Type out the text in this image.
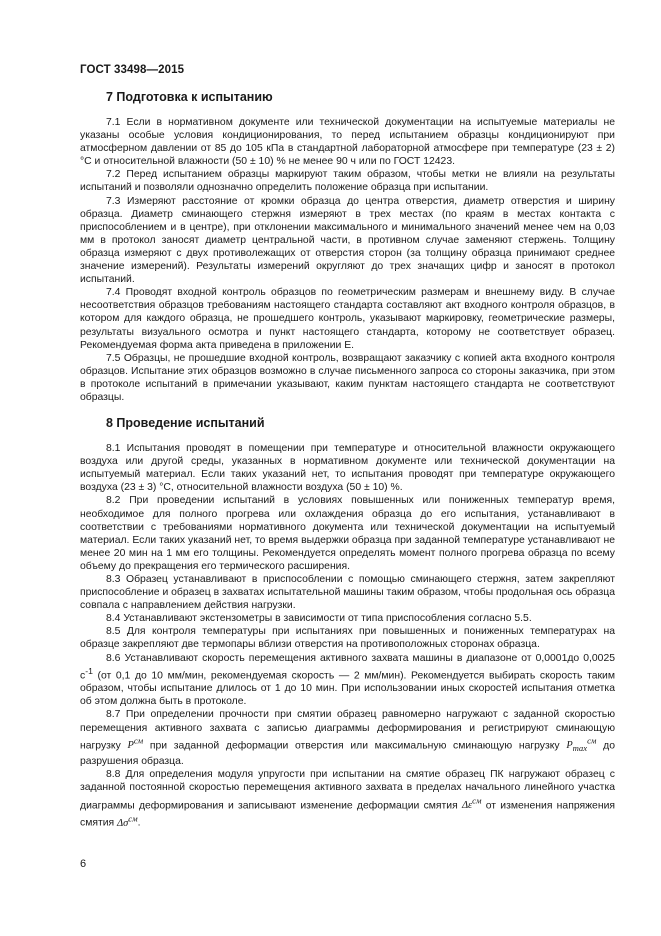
ГОСТ 33498—2015
7 Подготовка к испытанию

7.1 Если в нормативном документе или технической документации на испытуемые материалы не указаны особые условия кондиционирования, то перед испытанием образцы кондиционируют при атмосферном давлении от 85 до 105 кПа в стандартной лабораторной атмосфере при температуре (23 ± 2) °С и относительной влажности (50 ± 10) % не менее 90 ч или по ГОСТ 12423.

7.2 Перед испытанием образцы маркируют таким образом, чтобы метки не влияли на результаты испытаний и позволяли однозначно определить положение образца при испытании.

7.3 Измеряют расстояние от кромки образца до центра отверстия, диаметр отверстия и ширину образца. Диаметр сминающего стержня измеряют в трех местах (по краям в местах контакта с приспособлением и в центре), при отклонении максимального и минимального значений менее чем на 0,03 мм в протокол заносят диаметр центральной части, в противном случае заменяют стержень. Толщину образца измеряют с двух противолежащих от отверстия сторон (за толщину образца принимают среднее значение измерений). Результаты измерений округляют до трех значащих цифр и заносят в протокол испытаний.

7.4 Проводят входной контроль образцов по геометрическим размерам и внешнему виду. В случае несоответствия образцов требованиям настоящего стандарта составляют акт входного контроля образцов, в котором для каждого образца, не прошедшего контроль, указывают маркировку, геометрические размеры, результаты визуального осмотра и пункт настоящего стандарта, которому не соответствует образец. Рекомендуемая форма акта приведена в приложении Е.

7.5 Образцы, не прошедшие входной контроль, возвращают заказчику с копией акта входного контроля образцов. Испытание этих образцов возможно в случае письменного запроса со стороны заказчика, при этом в протоколе испытаний в примечании указывают, каким пунктам настоящего стандарта не соответствуют образцы.

8 Проведение испытаний

8.1 Испытания проводят в помещении при температуре и относительной влажности окружающего воздуха или другой среды, указанных в нормативном документе или технической документации на испытуемый материал. Если таких указаний нет, то испытания проводят при температуре окружающего воздуха (23 ± 3) °С, относительной влажности воздуха (50 ± 10) %.

8.2 При проведении испытаний в условиях повышенных или пониженных температур время, необходимое для полного прогрева или охлаждения образца до его испытания, устанавливают в соответствии с требованиями нормативного документа или технической документации на испытуемый материал. Если таких указаний нет, то время выдержки образца при заданной температуре устанавливают не менее 20 мин на 1 мм его толщины. Рекомендуется определять момент полного прогрева образца по всему объему до прекращения его термического расширения.

8.3 Образец устанавливают в приспособлении с помощью сминающего стержня, затем закрепляют приспособление и образец в захватах испытательной машины таким образом, чтобы продольная ось образца совпала с направлением действия нагрузки.

8.4 Устанавливают экстензометры в зависимости от типа приспособления согласно 5.5.

8.5 Для контроля температуры при испытаниях при повышенных и пониженных температурах на образце закрепляют две термопары вблизи отверстия на противоположных сторонах образца.

8.6 Устанавливают скорость перемещения активного захвата машины в диапазоне от 0,0001до 0,0025 $с^{-1}$ (от 0,1 до 10 мм/мин, рекомендуемая скорость — 2 мм/мин). Рекомендуется выбирать скорость таким образом, чтобы испытание длилось от 1 до 10 мин. При использовании иных скоростей испытания отметка об этом должна быть в протоколе.

8.7 При определении прочности при смятии образец равномерно нагружают с заданной скоростью перемещения активного захвата с записью диаграммы деформирования и регистрируют сминающую нагрузку $P^{см}$ при заданной деформации отверстия или максимальную сминающую нагрузку $P_{max}^{см}$ до разрушения образца.

8.8 Для определения модуля упругости при испытании на смятие образец ПК нагружают образец с заданной постоянной скоростью перемещения активного захвата в пределах начального линейного участка диаграммы деформирования и записывают изменение деформации смятия $\Delta\varepsilon^{см}$ от изменения напряжения смятия $\Delta\sigma^{см}$.

6
